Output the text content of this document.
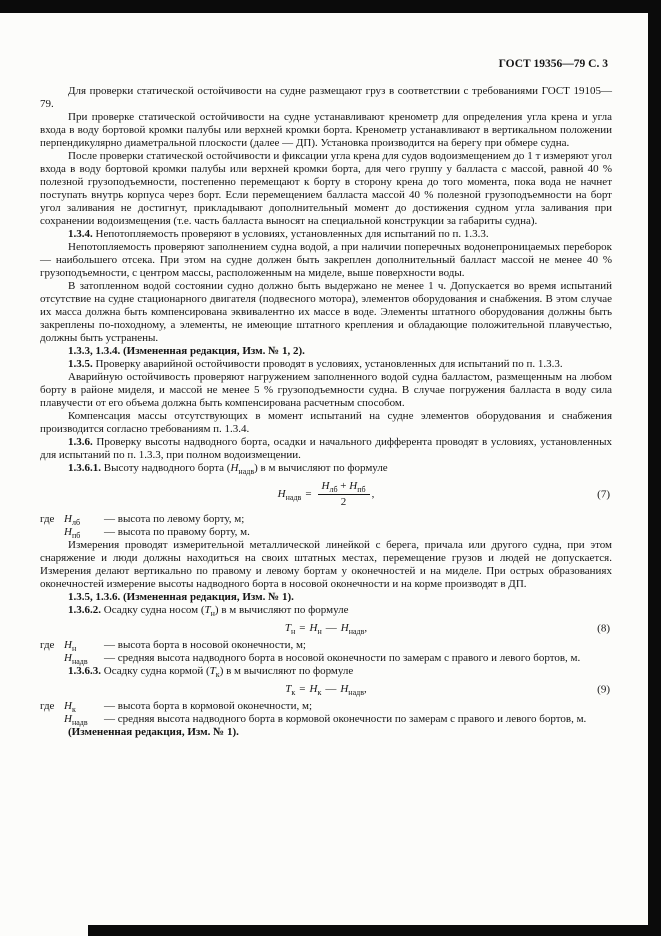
ГОСТ 19356—79 С. 3

Для проверки статической остойчивости на судне размещают груз в соответствии с требованиями ГОСТ 19105—79.

При проверке статической остойчивости на судне устанавливают кренометр для определения угла крена и угла входа в воду бортовой кромки палубы или верхней кромки борта. Кренометр устанавливают в вертикальном положении перпендикулярно диаметральной плоскости (далее — ДП). Установка производится на берегу при обмере судна.

После проверки статической остойчивости и фиксации угла крена для судов водоизмещением до 1 т измеряют угол входа в воду бортовой кромки палубы или верхней кромки борта, для чего группу у балласта с массой, равной 40 % полезной грузоподъемности, постепенно перемещают к борту в сторону крена до того момента, пока вода не начнет поступать внутрь корпуса через борт. Если перемещением балласта массой 40 % полезной грузоподъемности на борт угол заливания не достигнут, прикладывают дополнительный момент до достижения судном угла заливания при сохранении водоизмещения (т.е. часть балласта выносят на специальной конструкции за габариты судна).

1.3.4. Непотопляемость проверяют в условиях, установленных для испытаний по п. 1.3.3.

Непотопляемость проверяют заполнением судна водой, а при наличии поперечных водонепроницаемых переборок — наибольшего отсека. При этом на судне должен быть закреплен дополнительный балласт массой не менее 40 % грузоподъемности, с центром массы, расположенным на миделе, выше поверхности воды.

В затопленном водой состоянии судно должно быть выдержано не менее 1 ч. Допускается во время испытаний отсутствие на судне стационарного двигателя (подвесного мотора), элементов оборудования и снабжения. В этом случае их масса должна быть компенсирована эквивалентно их массе в воде. Элементы штатного оборудования должны быть закреплены по-походному, а элементы, не имеющие штатного крепления и обладающие положительной плавучестью, должны быть устранены.

1.3.3, 1.3.4. (Измененная редакция, Изм. № 1, 2).

1.3.5. Проверку аварийной остойчивости проводят в условиях, установленных для испытаний по п. 1.3.3.

Аварийную остойчивость проверяют нагружением заполненного водой судна балластом, размещенным на любом борту в районе миделя, и массой не менее 5 % грузоподъемности судна. В случае погружения балласта в воду сила плавучести от его объема должна быть компенсирована расчетным способом.

Компенсация массы отсутствующих в момент испытаний на судне элементов оборудования и снабжения производится согласно требованиям п. 1.3.4.

1.3.6. Проверку высоты надводного борта, осадки и начального дифферента проводят в условиях, установленных для испытаний по п. 1.3.3, при полном водоизмещении.

1.3.6.1. Высоту надводного борта $(Н_{надв})$ в м вычисляют по формуле

$Н_{надв} = \frac{Н_{лб} + Н_{пб}}{2}$ ,	(7)
где $Н_{лб}$	— высота по левому борту, м;
$Н_{пб}$	— высота по правому борту, м.

Измерения проводят измерительной металлической линейкой с берега, причала или другого судна, при этом снаряжение и люди должны находиться на своих штатных местах, перемещение грузов и людей не допускается. Измерения делают вертикально по правому и левому бортам у оконечностей и на миделе. При острых образованиях оконечностей измерение высоты надводного борта в носовой оконечности и на корме производят в ДП.

1.3.5, 1.3.6. (Измененная редакция, Изм. № 1).

1.3.6.2. Осадку судна носом $(Т_н)$ в м вычисляют по формуле

$Т_н = Н_н$ — $Н_{надв}$,	(8)
где $Н_н$	— высота борта в носовой оконечности, м;
$Н_{надв}$	— средняя высота надводного борта в носовой оконечности по замерам с правого и левого бортов, м.

1.3.6.3. Осадку судна кормой $(Т_к)$ в м вычисляют по формуле

$Т_к = Н_к$ — $Н_{надв}$,	(9)
где $Н_к$	— высота борта в кормовой оконечности, м;
$Н_{надв}$	— средняя высота надводного борта в кормовой оконечности по замерам с правого и левого бортов, м.

(Измененная редакция, Изм. № 1).
